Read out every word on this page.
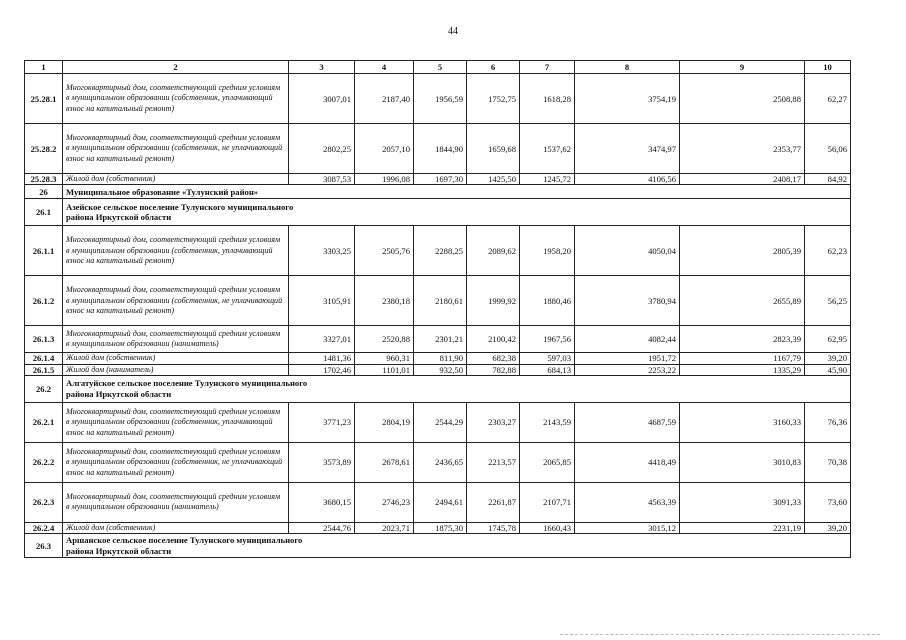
44
1	2	3	4	5	6	7	8	9	10
25.28.1	Многоквартирный дом, соответствующий средним условиям в муниципальном образовании (собственник, уплачивающий взнос на капитальный ремонт)	3007,01	2187,40	1956,59	1752,75	1618,28	3754,19	2508,88	62,27
25.28.2	Многоквартирный дом, соответствующий средним условиям в муниципальном образовании (собственник, не уплачивающий взнос на капитальный ремонт)	2802,25	2057,10	1844,90	1659,68	1537,62	3474,97	2353,77	56,06
25.28.3	Жилой дом (собственник)	3087,53	1996,08	1697,30	1425,50	1245,72	4106,56	2408,17	84,92
26	Муниципальное образование «Тулунский район»								
26.1	Азейское сельское поселение Тулунского муниципального района Иркутской области								
26.1.1	Многоквартирный дом, соответствующий средним условиям в муниципальном образовании (собственник, уплачивающий взнос на капитальный ремонт)	3303,25	2505,76	2288,25	2089,62	1958,20	4050,04	2805,39	62,23
26.1.2	Многоквартирный дом, соответствующий средним условиям в муниципальном образовании (собственник, не уплачивающий взнос на капитальный ремонт)	3105,91	2380,18	2180,61	1999,92	1880,46	3780,94	2655,89	56,25
26.1.3	Многоквартирный дом, соответствующий средним условиям в муниципальном образовании (наниматель)	3327,01	2520,88	2301,21	2100,42	1967,56	4082,44	2823,39	62,95
26.1.4	Жилой дом (собственник)	1481,36	960,31	811,90	682,38	597,03	1951,72	1167,79	39,20
26.1.5	Жилой дом (наниматель)	1702,46	1101,01	932,50	782,88	684,13	2253,22	1335,29	45,90
26.2	Алгатуйское сельское поселение Тулунского муниципального района Иркутской области								
26.2.1	Многоквартирный дом, соответствующий средним условиям в муниципальном образовании (собственник, уплачивающий взнос на капитальный ремонт)	3771,23	2804,19	2544,29	2303,27	2143,59	4687,59	3160,33	76,36
26.2.2	Многоквартирный дом, соответствующий средним условиям в муниципальном образовании (собственник, не уплачивающий взнос на капитальный ремонт)	3573,89	2678,61	2436,65	2213,57	2065,85	4418,49	3010,83	70,38
26.2.3	Многоквартирный дом, соответствующий средним условиям в муниципальном образовании (наниматель)	3680,15	2746,23	2494,61	2261,87	2107,71	4563,39	3091,33	73,60
26.2.4	Жилой дом (собственник)	2544,76	2023,71	1875,30	1745,78	1660,43	3015,12	2231,19	39,20
26.3	Аршанское сельское поселение Тулунского муниципального района Иркутской области								
